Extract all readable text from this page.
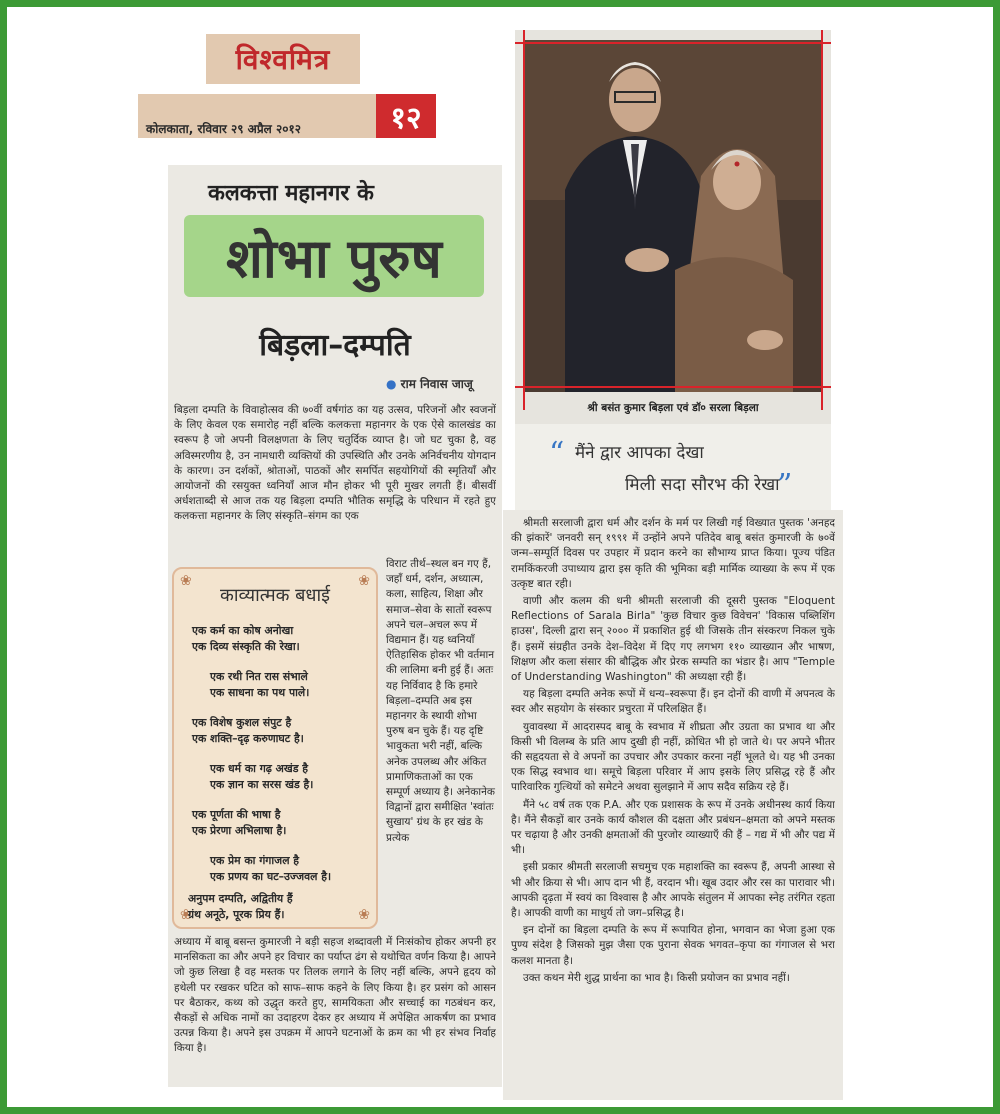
विश्वमित्र
कोलकाता, रविवार २९ अप्रैल २०१२	१२
कलकत्ता महानगर के
शोभा पुरुष
बिड़ला–दम्पति
● राम निवास जाजू
बिड़ला दम्पति के विवाहोत्सव की ७०वीं वर्षगांठ का यह उत्सव, परिजनों और स्वजनों के लिए केवल एक समारोह नहीं बल्कि कलकत्ता महानगर के एक ऐसे कालखंड का स्वरूप है जो अपनी विलक्षणता के लिए चतुर्दिक व्याप्त है। जो घट चुका है, वह अविस्मरणीय है, उन नामधारी व्यक्तियों की उपस्थिति और उनके अनिर्वचनीय योगदान के कारण। उन दर्शकों, श्रोताओं, पाठकों और समर्पित सहयोगियों की स्मृतियाँ और आयोजनों की रसयुक्त ध्वनियाँ आज मौन होकर भी पूरी मुखर लगती हैं। बीसवीं अर्धशताब्दी से आज तक यह बिड़ला दम्पति भौतिक समृद्धि के परिधान में रहते हुए कलकत्ता महानगर के लिए संस्कृति–संगम का एक
❀	❀
❀	❀
काव्यात्मक बधाई
एक कर्म का कोष अनोखा
एक दिव्य संस्कृति की रेखा।
एक रथी नित रास संभाले
एक साधना का पथ पाले।
एक विशेष कुशल संपुट है
एक शक्ति–दृढ़ करुणाघट है।
एक धर्म का गढ़ अखंड है
एक ज्ञान का सरस खंड है।
एक पूर्णता की भाषा है
एक प्रेरणा अभिलाषा है।
एक प्रेम का गंगाजल है
एक प्रणय का घट–उज्जवल है।
अनुपम दम्पति, अद्वितीय हैं
ग्रंथ अनूठे, पूरक प्रिय हैं।
विराट तीर्थ–स्थल बन गए हैं, जहाँ धर्म, दर्शन, अध्यात्म, कला, साहित्य, शिक्षा और समाज–सेवा के सातों स्वरूप अपने चल–अचल रूप में विद्यमान हैं। यह ध्वनियाँ ऐतिहासिक होकर भी वर्तमान की लालिमा बनी हुई हैं। अतः यह निर्विवाद है कि हमारे बिड़ला–दम्पति अब इस महानगर के स्थायी शोभा पुरुष बन चुके हैं। यह दृष्टि भावुकता भरी नहीं, बल्कि अनेक उपलब्ध और अंकित प्रामाणिकताओं का एक सम्पूर्ण अध्याय है। अनेकानेक विद्वानों द्वारा समीक्षित 'स्वांतः सुखाय' ग्रंथ के हर खंड के प्रत्येक
अध्याय में बाबू बसन्त कुमारजी ने बड़ी सहज शब्दावली में निःसंकोच होकर अपनी हर मानसिकता का और अपने हर विचार का पर्याप्त ढंग से यथोचित वर्णन किया है। आपने जो कुछ लिखा है वह मस्तक पर तिलक लगाने के लिए नहीं बल्कि, अपने हृदय को हथेली पर रखकर घटित को साफ–साफ कहने के लिए किया है। हर प्रसंग को आसन पर बैठाकर, कथ्य को उद्धृत करते हुए, सामयिकता और सच्चाई का गठबंधन कर, सैकड़ों से अधिक नामों का उदाहरण देकर हर अध्याय में अपेक्षित आकर्षण का प्रभाव उत्पन्न किया है। अपने इस उपक्रम में आपने घटनाओं के क्रम का भी हर संभव निर्वाह किया है।
श्री बसंत कुमार बिड़ला एवं डॉ० सरला बिड़ला
“ मैंने द्वार आपका देखा
मिली सदा सौरभ की रेखा
”

श्रीमती सरलाजी द्वारा धर्म और दर्शन के मर्म पर लिखी गई विख्यात पुस्तक 'अनहद की झंकारें' जनवरी सन् १९९१ में उन्होंने अपने पतिदेव बाबू बसंत कुमारजी के ७०वें जन्म–सम्पूर्ति दिवस पर उपहार में प्रदान करने का सौभाग्य प्राप्त किया। पूज्य पंडित रामकिंकरजी उपाध्याय द्वारा इस कृति की भूमिका बड़ी मार्मिक व्याख्या के रूप में एक उत्कृष्ट बात रही।

वाणी और कलम की धनी श्रीमती सरलाजी की दूसरी पुस्तक "Eloquent Reflections of Sarala Birla" 'कुछ विचार कुछ विवेचन' 'विकास पब्लिशिंग हाउस', दिल्ली द्वारा सन् २००० में प्रकाशित हुई थी जिसके तीन संस्करण निकल चुके हैं। इसमें संग्रहीत उनके देश–विदेश में दिए गए लगभग ११० व्याख्यान और भाषण, शिक्षण और कला संसार की बौद्धिक और प्रेरक सम्पति का भंडार है। आप "Temple of Understanding Washington" की अध्यक्षा रही हैं।

यह बिड़ला दम्पति अनेक रूपों में धन्य–स्वरूपा हैं। इन दोनों की वाणी में अपनत्व के स्वर और सहयोग के संस्कार प्रचुरता में परिलक्षित हैं।

युवावस्था में आदरास्पद बाबू के स्वभाव में शीघ्रता और उग्रता का प्रभाव था और किसी भी विलम्ब के प्रति आप दुखी ही नहीं, क्रोधित भी हो जाते थे। पर अपने भीतर की सहृदयता से वे अपनों का उपचार और उपकार करना नहीं भूलते थे। यह भी उनका एक सिद्ध स्वभाव था। समूचे बिड़ला परिवार में आप इसके लिए प्रसिद्ध रहे हैं और पारिवारिक गुत्थियों को समेटने अथवा सुलझाने में आप सदैव सक्रिय रहे हैं।

मैंने ५८ वर्ष तक एक P.A. और एक प्रशासक के रूप में उनके अधीनस्थ कार्य किया है। मैंने सैकड़ों बार उनके कार्य कौशल की दक्षता और प्रबंधन–क्षमता को अपने मस्तक पर चढ़ाया है और उनकी क्षमताओं की पुरजोर व्याख्याएँ की हैं – गद्य में भी और पद्य में भी।

इसी प्रकार श्रीमती सरलाजी सचमुच एक महाशक्ति का स्वरूप हैं, अपनी आस्था से भी और क्रिया से भी। आप दान भी हैं, वरदान भी। खूब उदार और रस का पारावार भी। आपकी दृढ़ता में स्वयं का विश्वास है और आपके संतुलन में आपका स्नेह तरंगित रहता है। आपकी वाणी का माधुर्य तो जग–प्रसिद्ध है।

इन दोनों का बिड़ला दम्पति के रूप में रूपायित होना, भगवान का भेजा हुआ एक पुण्य संदेश है जिसको मुझ जैसा एक पुराना सेवक भगवत–कृपा का गंगाजल से भरा कलश मानता है।

उक्त कथन मेरी शुद्ध प्रार्थना का भाव है। किसी प्रयोजन का प्रभाव नहीं।
